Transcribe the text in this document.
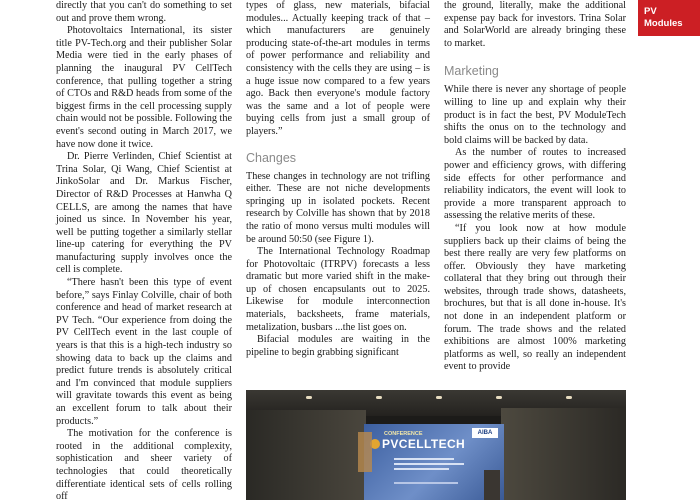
PV
Modules

directly that you can't do something to set out and prove them wrong.

Photovoltaics International, its sister title PV-Tech.org and their publisher Solar Media were tied in the early phases of planning the inaugural PV CellTech conference, that pulling together a string of CTOs and R&D heads from some of the biggest firms in the cell processing supply chain would not be possible. Following the event's second outing in March 2017, we have now done it twice.

Dr. Pierre Verlinden, Chief Scientist at Trina Solar, Qi Wang, Chief Scientist at JinkoSolar and Dr. Markus Fischer, Director of R&D Processes at Hanwha Q CELLS, are among the names that have joined us since. In November his year, well be putting together a similarly stellar line-up catering for everything the PV manufacturing supply involves once the cell is complete.

“There hasn't been this type of event before,” says Finlay Colville, chair of both conference and head of market research at PV Tech. “Our experience from doing the PV CellTech event in the last couple of years is that this is a high-tech industry so showing data to back up the claims and predict future trends is absolutely critical and I'm convinced that module suppliers will gravitate towards this event as being an excellent forum to talk about their products.”

The motivation for the conference is rooted in the additional complexity, sophistication and sheer variety of technologies that could theoretically differentiate identical sets of cells rolling off

types of glass, new materials, bifacial modules... Actually keeping track of that – which manufacturers are genuinely producing state-of-the-art modules in terms of power performance and reliability and consistency with the cells they are using – is a huge issue now compared to a few years ago. Back then everyone's module factory was the same and a lot of people were buying cells from just a small group of players.”

Changes

These changes in technology are not trifling either. These are not niche developments springing up in isolated pockets. Recent research by Colville has shown that by 2018 the ratio of mono versus multi modules will be around 50:50 (see Figure 1).

The International Technology Roadmap for Photovoltaic (ITRPV) forecasts a less dramatic but more varied shift in the make-up of chosen encapsulants out to 2025. Likewise for module interconnection materials, backsheets, frame materials, metalization, busbars ...the list goes on.

Bifacial modules are waiting in the pipeline to begin grabbing significant

the ground, literally, make the additional expense pay back for investors. Trina Solar and SolarWorld are already bringing these to market.

Marketing

While there is never any shortage of people willing to line up and explain why their product is in fact the best, PV ModuleTech shifts the onus on to the technology and bold claims will be backed by data.

As the number of routes to increased power and efficiency grows, with differing side effects for other performance and reliability indicators, the event will look to provide a more transparent approach to assessing the relative merits of these.

“If you look now at how module suppliers back up their claims of being the best there really are very few platforms on offer. Obviously they have marketing collateral that they bring out through their websites, through trade shows, datasheets, brochures, but that is all done in-house. It's not done in an independent platform or forum. The trade shows and the related exhibitions are almost 100% marketing platforms as well, so really an independent event to provide

CONFERENCE
PVCELLTECH
AIBA
